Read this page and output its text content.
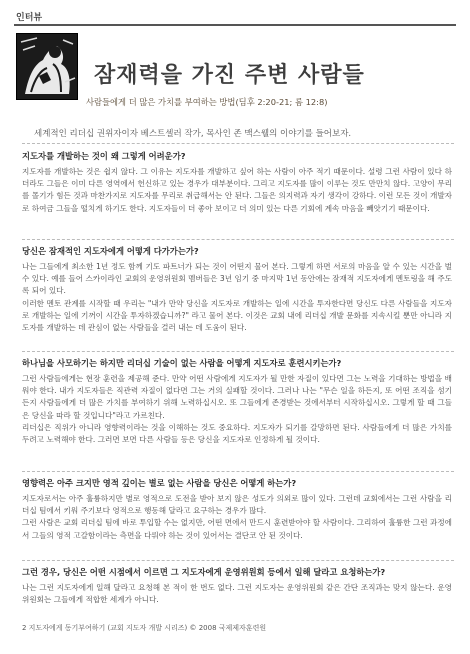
인터뷰
잠재력을 가진 주변 사람들
사람들에게 더 많은 가치를 부여하는 방법(딤후 2:20-21; 롬 12:8)
세계적인 리더십 권위자이자 베스트셀러 작가, 목사인 존 맥스웰의 이야기를 들어보자.

지도자를 개발하는 것이 왜 그렇게 어려운가?

지도자를 개발하는 것은 쉽지 않다. 그 이유는 지도자를 개발하고 싶어 하는 사람이 아주 적기 때문이다. 설령 그런 사람이 있다 하더라도 그들은 이미 다른 영역에서 헌신하고 있는 경우가 대부분이다. 그리고 지도자를 많이 이루는 것도 만만치 않다. 고양이 무리를 몰기가 힘든 것과 마찬가지로 지도자를 무리로 취급해서는 안 된다. 그들은 의지력과 자기 생각이 강하다. 이런 모든 것이 개발자로 하여금 그들을 떨치게 하기도 한다. 지도자들이 더 좋아 보이고 더 의미 있는 다른 기회에 계속 마음을 빼앗기기 때문이다.

당신은 잠재적인 지도자에게 어떻게 다가가는가?

나는 그들에게 최소한 1년 정도 함께 기도 파트너가 되는 것이 어떤지 물어 본다. 그렇게 하면 서로의 마음을 알 수 있는 시간을 벌 수 있다. 예를 들어 스카이라인 교회의 운영위원회 멤버들은 3년 임기 중 마지막 1년 동안에는 잠재적 지도자에게 멘토링을 해 주도록 되어 있다.

이러한 멘토 관계를 시작할 때 우리는 "내가 만약 당신을 지도자로 개발하는 일에 시간을 투자한다면 당신도 다른 사람들을 지도자로 개발하는 일에 기꺼이 시간을 투자하겠습니까?" 라고 물어 본다. 이것은 교회 내에 리더십 개발 문화를 지속시킬 뿐만 아니라 지도자를 개발하는 데 관심이 없는 사람들을 걸러 내는 데 도움이 된다.

하나님을 사모하기는 하지만 리더십 기술이 없는 사람을 어떻게 지도자로 훈련시키는가?

그런 사람들에게는 현장 훈련을 제공해 준다. 만약 어떤 사람에게 지도자가 될 만한 자질이 있다면 그는 노력을 기대하는 방법을 배워야 한다. 내가 지도자들은 직관력 자질이 없다면 그는 거의 실패할 것이다. 그러나 나는 "무슨 일을 하든지, 또 어떤 조직을 섬기든지 사람들에게 더 많은 가치를 부여하기 위해 노력하십시오. 또 그들에게 존경받는 것에서부터 시작하십시오. 그렇게 할 때 그들은 당신을 따라 할 것입니다"라고 가르친다.

리더십은 직위가 아니라 영향력이라는 것을 이해하는 것도 중요하다. 지도자가 되기를 갈망하면 된다. 사람들에게 더 많은 가치를 두려고 노력해야 한다. 그러면 보면 다른 사람들 등은 당신을 지도자로 인정하게 될 것이다.

영향력은 아주 크지만 영적 깊이는 별로 없는 사람을 당신은 어떻게 하는가?

지도자로서는 아주 훌륭하지만 별로 영적으로 도전을 받아 보지 않은 성도가 의외로 많이 있다. 그런데 교회에서는 그런 사람을 리더십 팀에서 키워 주기보다 영적으로 행동해 달라고 요구하는 경우가 많다.

그런 사람은 교회 리더십 팀에 바로 투입할 수는 없지만, 어떤 면에서 만드시 훈련받아야 할 사람이다. 그리하여 훌륭한 그런 과정에서 그들의 영적 고갈함이라는 측면을 다뤄야 하는 것이 있어서는 결단코 안 된 것이다.

그런 경우, 당신은 어떤 시점에서 이르면 그 지도자에게 운영위원회 등에서 일해 달라고 요청하는가?

나는 그런 지도자에게 일해 달라고 요청해 본 적이 한 번도 없다. 그런 지도자는 운영위원회 같은 간단 조직과는 맞지 않는다. 운영위원회는 그들에게 적합한 세계가 아니다.

2 지도자에게 동기부여하기 (교회 지도자 개발 시리즈) © 2008 국제제자훈련원
